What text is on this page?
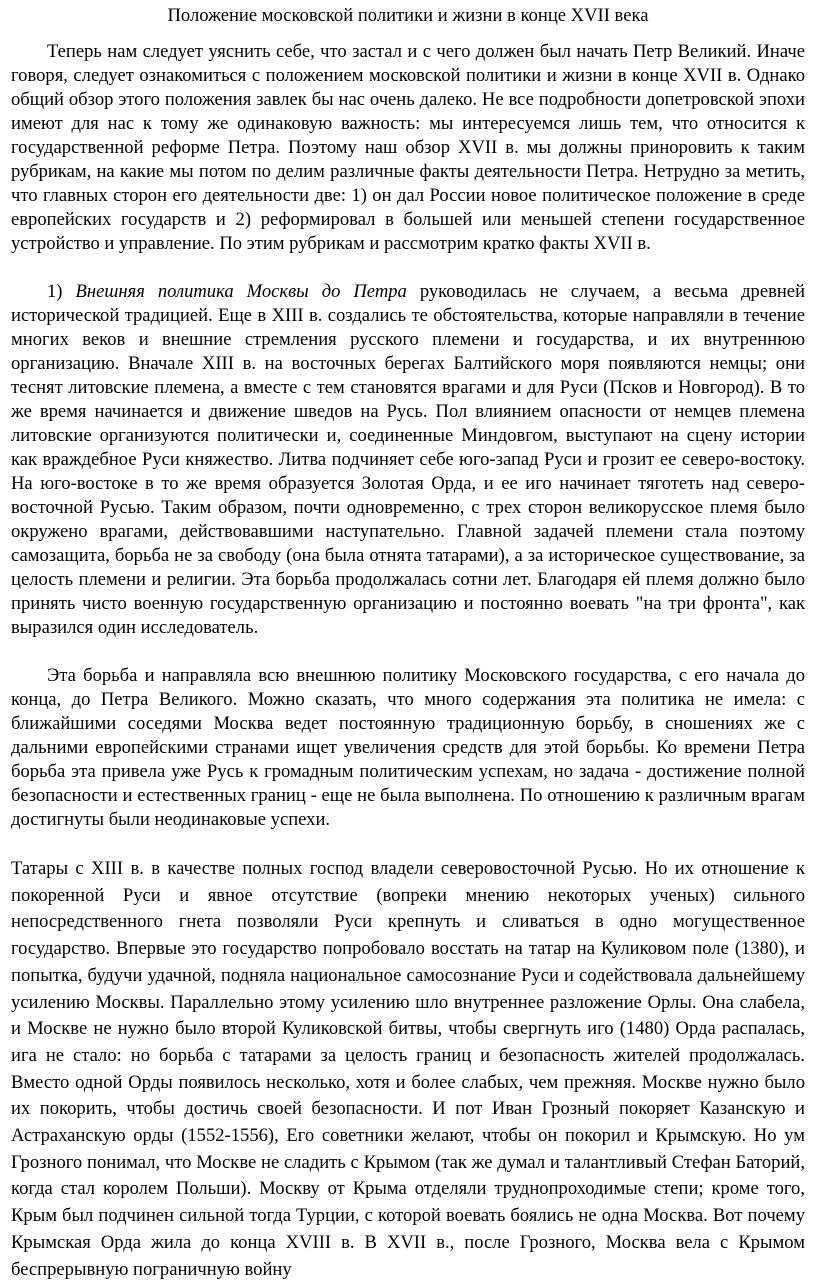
Положение московской политики и жизни в конце XVII века

Теперь нам следует уяснить себе, что застал и с чего должен был начать Петр Великий. Иначе говоря, следует ознакомиться с положением московской политики и жизни в конце XVII в. Однако общий обзор этого положения завлек бы нас очень далеко. Не все подробности допетровской эпохи имеют для нас к тому же одинаковую важность: мы интересуемся лишь тем, что относится к государственной реформе Петра. Поэтому наш обзор XVII в. мы должны приноровить к таким рубрикам, на какие мы потом по делим различные факты деятельности Петра. Нетрудно за метить, что главных сторон его деятельности две: 1) он дал России новое политическое положение в среде европейских государств и 2) реформировал в большей или меньшей степени государственное устройство и управление. По этим рубрикам и рассмотрим кратко факты XVII в.

1) Внешняя политика Москвы до Петра руководилась не случаем, а весьма древней исторической традицией. Еще в XIII в. создались те обстоятельства, которые направляли в течение многих веков и внешние стремления русского племени и государства, и их внутреннюю организацию. Вначале XIII в. на восточных берегах Балтийского моря появляются немцы; они теснят литовские племена, а вместе с тем становятся врагами и для Руси (Псков и Новгород). В то же время начинается и движение шведов на Русь. Пол влиянием опасности от немцев племена литовские организуются политически и, соединенные Миндовгом, выступают на сцену истории как враждебное Руси княжество. Литва подчиняет себе юго-запад Руси и грозит ее северо-востоку. На юго-востоке в то же время образуется Золотая Орда, и ее иго начинает тяготеть над северо-восточной Русью. Таким образом, почти одновременно, с трех сторон великорусское племя было окружено врагами, действовавшими наступательно. Главной задачей племени стала поэтому самозащита, борьба не за свободу (она была отнята татарами), а за историческое существование, за целость племени и религии. Эта борьба продолжалась сотни лет. Благодаря ей племя должно было принять чисто военную государственную организацию и постоянно воевать "на три фронта", как выразился один исследователь.

Эта борьба и направляла всю внешнюю политику Московского государства, с его начала до конца, до Петра Великого. Можно сказать, что много содержания эта политика не имела: с ближайшими соседями Москва ведет постоянную традиционную борьбу, в сношениях же с дальними европейскими странами ищет увеличения средств для этой борьбы. Ко времени Петра борьба эта привела уже Русь к громадным политическим успехам, но задача - достижение полной безопасности и естественных границ - еще не была выполнена. По отношению к различным врагам достигнуты были неодинаковые успехи.

Татары с XIII в. в качестве полных господ владели северовосточной Русью. Но их отношение к покоренной Руси и явное отсутствие (вопреки мнению некоторых ученых) сильного непосредственного гнета позволяли Руси крепнуть и сливаться в одно могущественное государство. Впервые это государство попробовало восстать на татар на Куликовом поле (1380), и попытка, будучи удачной, подняла национальное самосознание Руси и содействовала дальнейшему усилению Москвы. Параллельно этому усилению шло внутреннее разложение Орлы. Она слабела, и Москве не нужно было второй Куликовской битвы, чтобы свергнуть иго (1480) Орда распалась, ига не стало: но борьба с татарами за целость границ и безопасность жителей продолжалась. Вместо одной Орды появилось несколько, хотя и более слабых, чем прежняя. Москве нужно было их покорить, чтобы достичь своей безопасности. И пот Иван Грозный покоряет Казанскую и Астраханскую орды (1552-1556), Его советники желают, чтобы он покорил и Крымскую. Но ум Грозного понимал, что Москве не сладить с Крымом (так же думал и талантливый Стефан Баторий, когда стал королем Польши). Москву от Крыма отделяли труднопроходимые степи; кроме того, Крым был подчинен сильной тогда Турции, с которой воевать боялись не одна Москва. Вот почему Крымская Орда жила до конца XVIII в. В XVII в., после Грозного, Москва вела с Крымом беспрерывную пограничную войну
